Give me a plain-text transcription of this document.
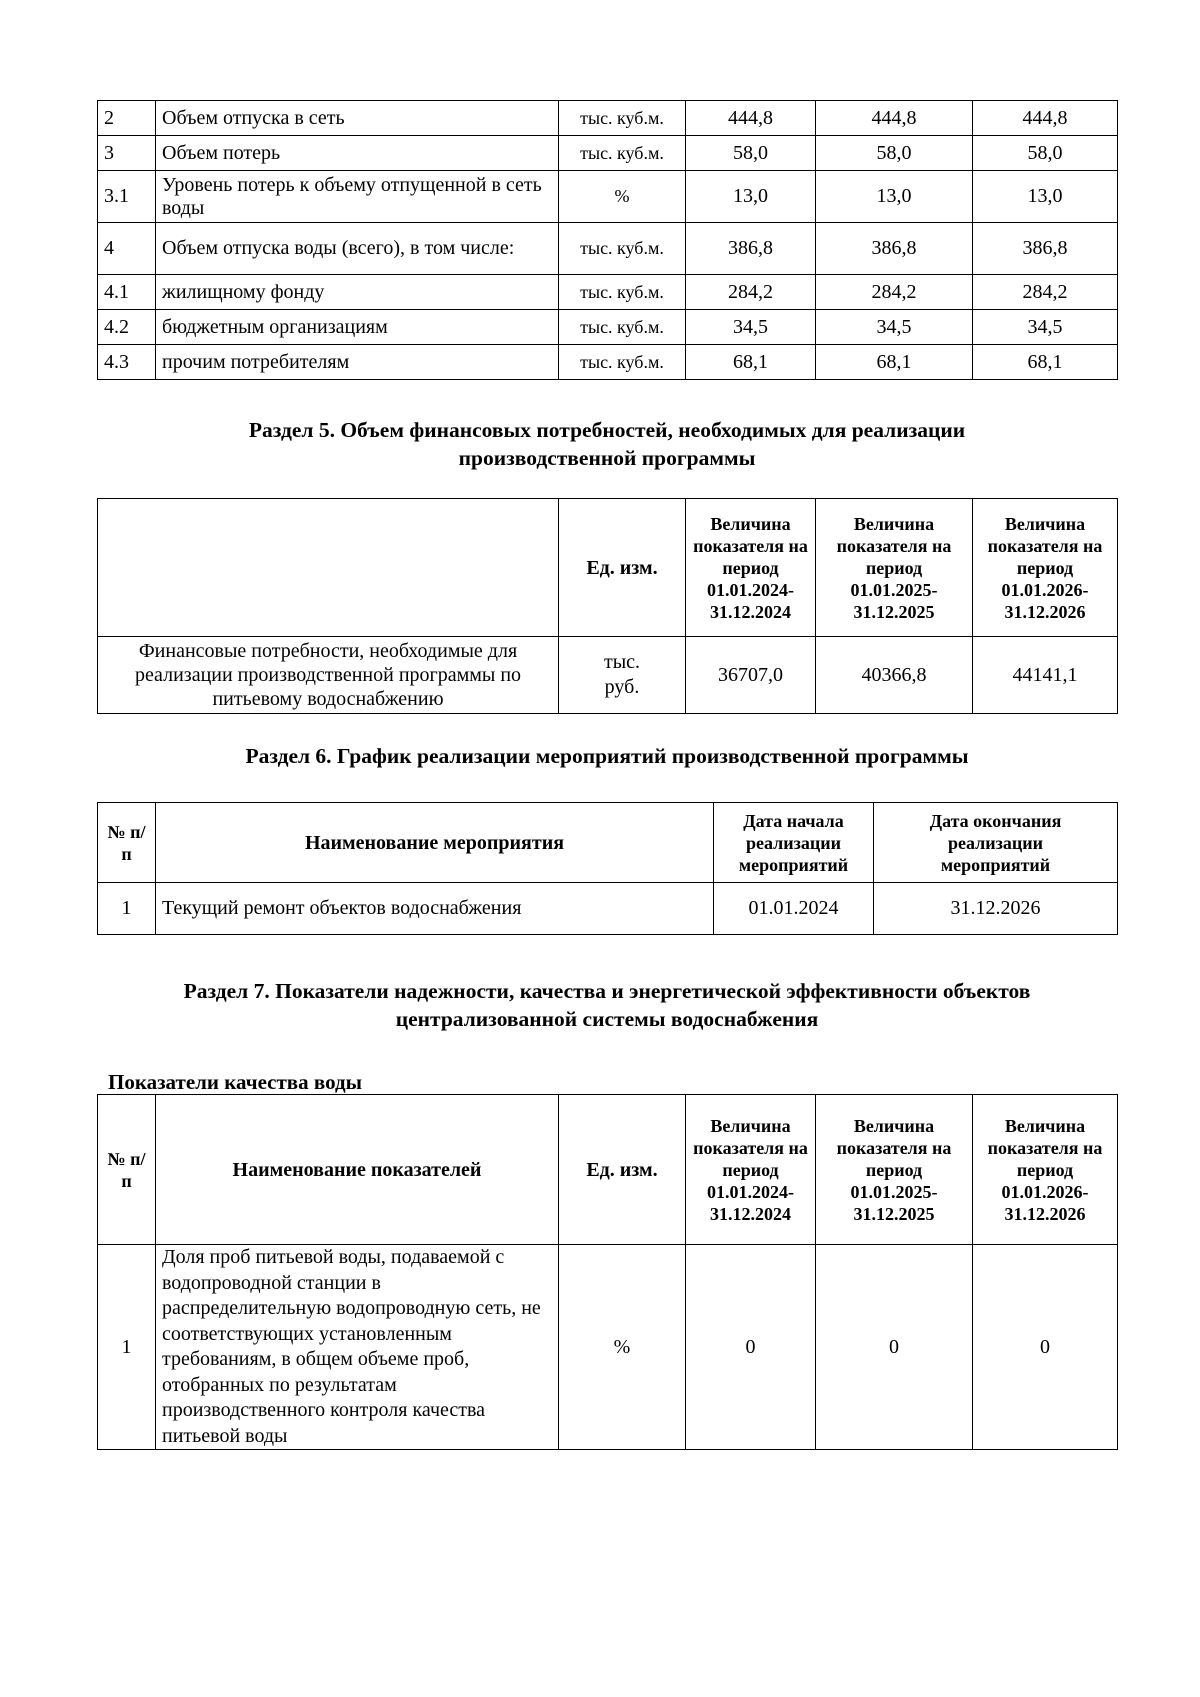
2	Объем отпуска в сеть	тыс. куб.м.	444,8	444,8	444,8
3	Объем потерь	тыс. куб.м.	58,0	58,0	58,0
3.1	Уровень потерь к объему отпущенной в сеть воды	%	13,0	13,0	13,0
4	Объем отпуска воды (всего), в том числе:	тыс. куб.м.	386,8	386,8	386,8
4.1	жилищному фонду	тыс. куб.м.	284,2	284,2	284,2
4.2	бюджетным организациям	тыс. куб.м.	34,5	34,5	34,5
4.3	прочим потребителям	тыс. куб.м.	68,1	68,1	68,1
Раздел 5. Объем финансовых потребностей, необходимых для реализации
производственной программы
	Ед. изм.	Величина показателя на период 01.01.2024-31.12.2024	Величина показателя на период 01.01.2025-31.12.2025	Величина показателя на период 01.01.2026-31.12.2026
Финансовые потребности, необходимые для реализации производственной программы по питьевому водоснабжению	тыс. руб.	36707,0	40366,8	44141,1
Раздел 6. График реализации мероприятий производственной программы
№ п/п	Наименование мероприятия	Дата начала реализации мероприятий	Дата окончания реализации мероприятий
1	Текущий ремонт объектов водоснабжения	01.01.2024	31.12.2026
Раздел 7. Показатели надежности, качества и энергетической эффективности объектов
централизованной системы водоснабжения
Показатели качества воды
№ п/п	Наименование показателей	Ед. изм.	Величина показателя на период 01.01.2024-31.12.2024	Величина показателя на период 01.01.2025-31.12.2025	Величина показателя на период 01.01.2026-31.12.2026
1	Доля проб питьевой воды, подаваемой с водопроводной станции в распределительную водопроводную сеть, не соответствующих установленным требованиям, в общем объеме проб, отобранных по результатам производственного контроля качества питьевой воды	%	0	0	0
